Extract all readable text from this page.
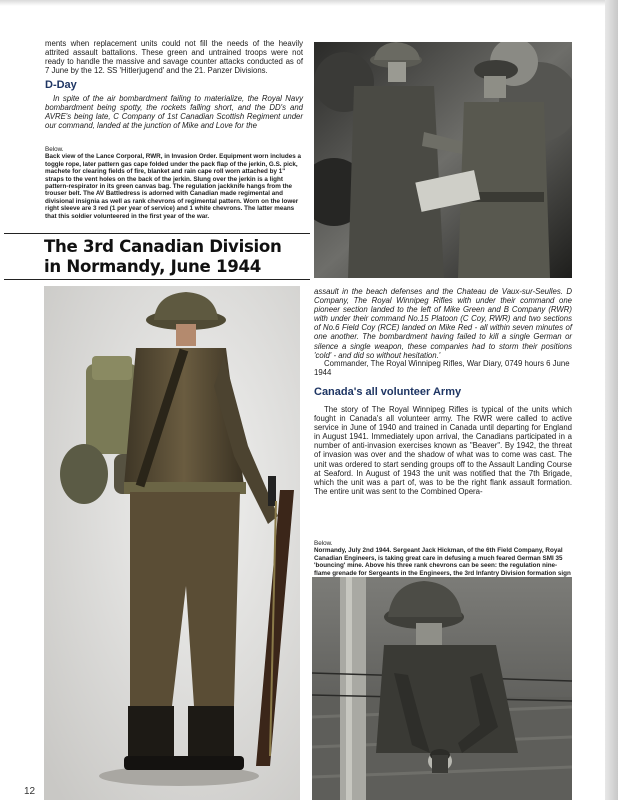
ments when replacement units could not fill the needs of the heavily attrited assault battalions. These green and untrained troops were not ready to handle the massive and savage counter attacks conducted as of 7 June by the 12. SS 'Hitlerjugend' and the 21. Panzer Divisions.

D-Day

In spite of the air bombardment failing to materialize, the Royal Navy bombardment being spotty, the rockets falling short, and the DD's and AVRE's being late, C Company of 1st Canadian Scottish Regiment under our command, landed at the junction of Mike and Love for the

Below.
Back view of the Lance Corporal, RWR, in Invasion Order. Equipment worn includes a toggle rope, later pattern gas cape folded under the pack flap of the jerkin, G.S. pick, machete for clearing fields of fire, blanket and rain cape roll worn attached by 1" straps to the vent holes on the back of the jerkin. Slung over the jerkin is a light pattern-respirator in its green canvas bag. The regulation jackknife hangs from the trouser belt. The AV Battledress is adorned with Canadian made regimental and divisional insignia as well as rank chevrons of regimental pattern. Worn on the lower right sleeve are 3 red (1 per year of service) and 1 white chevrons. The latter means that this soldier volunteered in the first year of the war.
The 3rd Canadian Division in Normandy, June 1944

assault in the beach defenses and the Chateau de Vaux-sur-Seulles. D Company, The Royal Winnipeg Rifles with under their command one pioneer section landed to the left of Mike Green and B Company (RWR) with under their command No.15 Platoon (C Coy, RWR) and two sections of No.6 Field Coy (RCE) landed on Mike Red - all within seven minutes of one another. The bombardment having failed to kill a single German or silence a single weapon, these companies had to storm their positions 'cold' - and did so without hesitation.'

Commander, The Royal Winnipeg Rifles, War Diary, 0749 hours 6 June 1944

Canada's all volunteer Army

The story of The Royal Winnipeg Rifles is typical of the units which fought in Canada's all volunteer army. The RWR were called to active service in June of 1940 and trained in Canada until departing for England in August 1941. Immediately upon arrival, the Canadians participated in a number of anti-invasion exercises known as "Beaver". By 1942, the threat of invasion was over and the shadow of what was to come was cast. The unit was ordered to start sending groups off to the Assault Landing Course at Seaford. In August of 1943 the unit was notified that the 7th Brigade, which the unit was a part of, was to be the right flank assault formation. The entire unit was sent to the Combined Opera-

Below.
Normandy, July 2nd 1944. Sergeant Jack Hickman, of the 6th Field Company, Royal Canadian Engineers, is taking great care in defusing a much feared German SMI 35 'bouncing' mine. Above his three rank chevrons can be seen: the regulation nine-flame grenade for Sergeants in the Engineers, the 3rd Infantry Division formation sign

12
